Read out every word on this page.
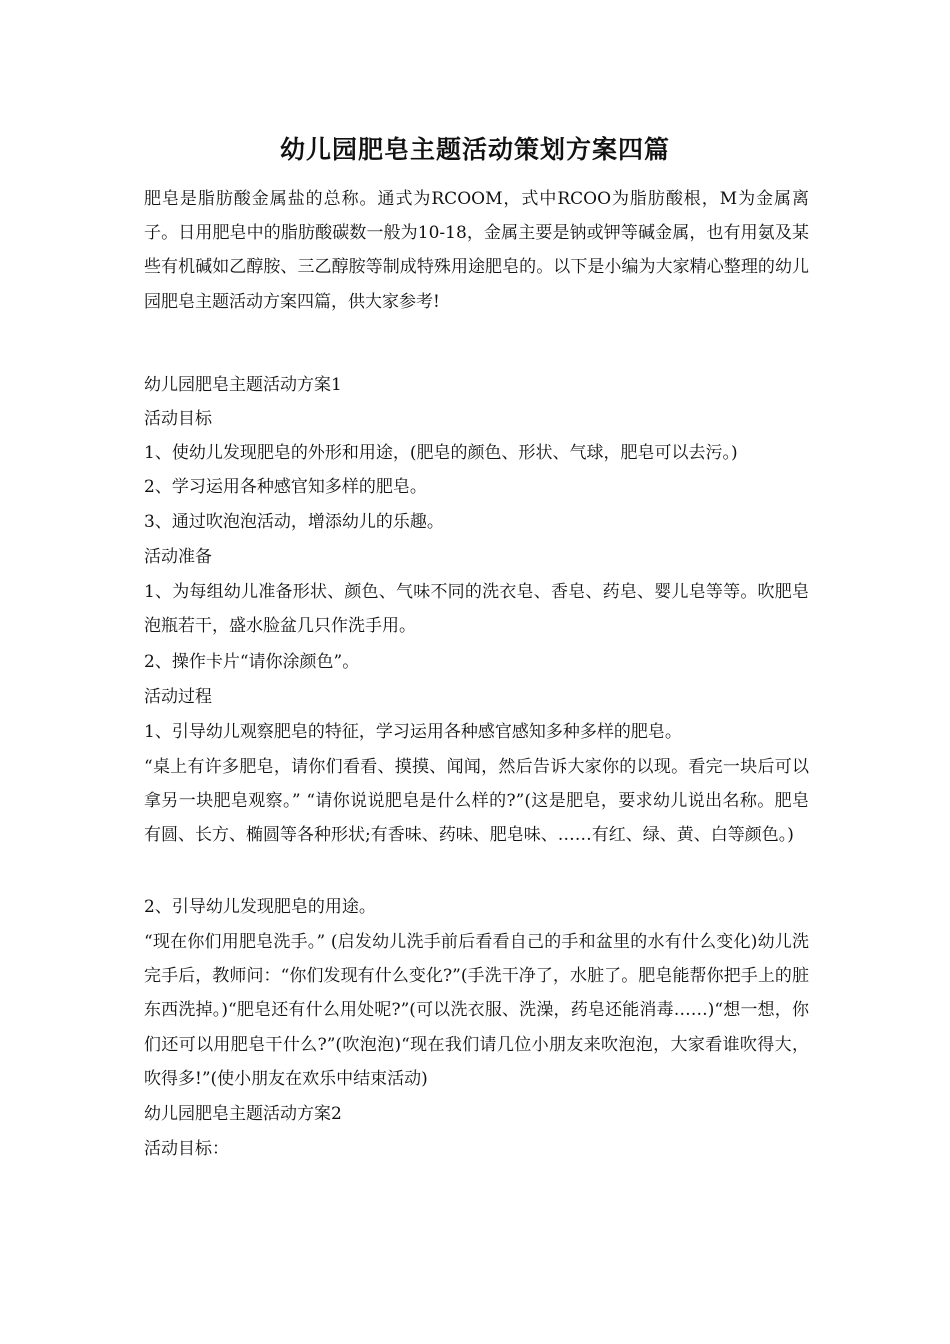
幼儿园肥皂主题活动策划方案四篇
肥皂是脂肪酸金属盐的总称。通式为RCOOM，式中RCOO为脂肪酸根，M为金属离子。日用肥皂中的脂肪酸碳数一般为10-18，金属主要是钠或钾等碱金属，也有用氨及某些有机碱如乙醇胺、三乙醇胺等制成特殊用途肥皂的。以下是小编为大家精心整理的幼儿园肥皂主题活动方案四篇，供大家参考!
幼儿园肥皂主题活动方案1
活动目标
1、使幼儿发现肥皂的外形和用途，(肥皂的颜色、形状、气球，肥皂可以去污。)
2、学习运用各种感官知多样的肥皂。
3、通过吹泡泡活动，增添幼儿的乐趣。
活动准备
1、为每组幼儿准备形状、颜色、气味不同的洗衣皂、香皂、药皂、婴儿皂等等。吹肥皂泡瓶若干，盛水脸盆几只作洗手用。
2、操作卡片“请你涂颜色”。
活动过程
1、引导幼儿观察肥皂的特征，学习运用各种感官感知多种多样的肥皂。
“桌上有许多肥皂，请你们看看、摸摸、闻闻，然后告诉大家你的以现。看完一块后可以拿另一块肥皂观察。” “请你说说肥皂是什么样的?”(这是肥皂，要求幼儿说出名称。肥皂有圆、长方、椭圆等各种形状;有香味、药味、肥皂味、……有红、绿、黄、白等颜色。)
2、引导幼儿发现肥皂的用途。
“现在你们用肥皂洗手。” (启发幼儿洗手前后看看自己的手和盆里的水有什么变化)幼儿洗完手后，教师问：“你们发现有什么变化?”(手洗干净了，水脏了。肥皂能帮你把手上的脏东西洗掉。)“肥皂还有什么用处呢?”(可以洗衣服、洗澡，药皂还能消毒……)“想一想，你们还可以用肥皂干什么?”(吹泡泡)“现在我们请几位小朋友来吹泡泡，大家看谁吹得大，吹得多!”(使小朋友在欢乐中结束活动)
幼儿园肥皂主题活动方案2
活动目标：
